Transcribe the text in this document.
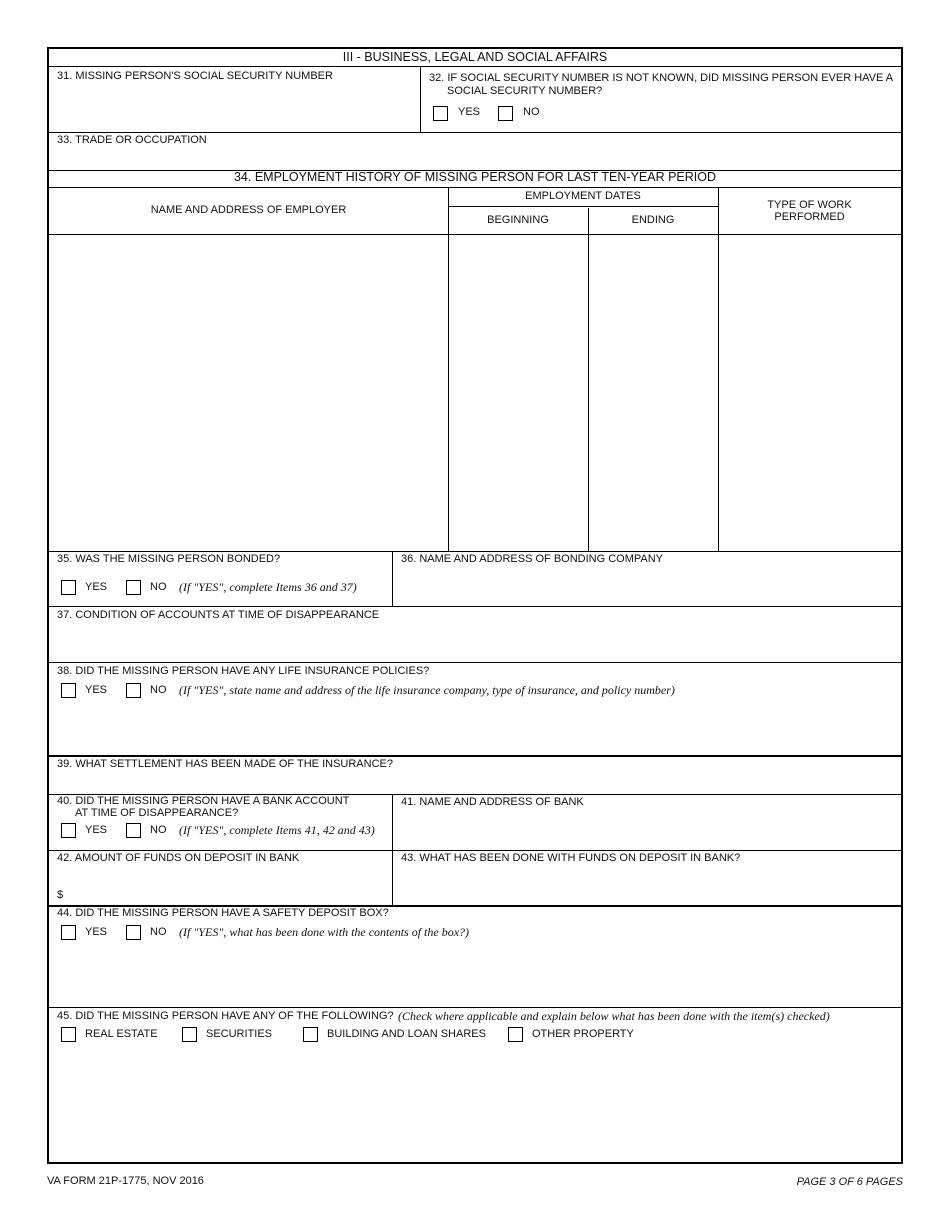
III - BUSINESS, LEGAL AND SOCIAL AFFAIRS
31. MISSING PERSON'S SOCIAL SECURITY NUMBER	32. IF SOCIAL SECURITY NUMBER IS NOT KNOWN, DID MISSING PERSON EVER HAVE A
SOCIAL SECURITY NUMBER?
YES	NO
33. TRADE OR OCCUPATION
34. EMPLOYMENT HISTORY OF MISSING PERSON FOR LAST TEN-YEAR PERIOD
NAME AND ADDRESS OF EMPLOYER
EMPLOYMENT DATES
BEGINNING	ENDING
TYPE OF WORK
PERFORMED
35. WAS THE MISSING PERSON BONDED?
YES	NO (If "YES", complete Items 36 and 37)
36. NAME AND ADDRESS OF BONDING COMPANY
37. CONDITION OF ACCOUNTS AT TIME OF DISAPPEARANCE
38. DID THE MISSING PERSON HAVE ANY LIFE INSURANCE POLICIES?
YES	NO (If "YES", state name and address of the life insurance company, type of insurance, and policy number)
39. WHAT SETTLEMENT HAS BEEN MADE OF THE INSURANCE?
40. DID THE MISSING PERSON HAVE A BANK ACCOUNT
AT TIME OF DISAPPEARANCE?
YES	NO (If "YES", complete Items 41, 42 and 43)
41. NAME AND ADDRESS OF BANK
42. AMOUNT OF FUNDS ON DEPOSIT IN BANK
$
43. WHAT HAS BEEN DONE WITH FUNDS ON DEPOSIT IN BANK?
44. DID THE MISSING PERSON HAVE A SAFETY DEPOSIT BOX?
YES	NO (If "YES", what has been done with the contents of the box?)
45. DID THE MISSING PERSON HAVE ANY OF THE FOLLOWING? (Check where applicable and explain below what has been done with the item(s) checked)
REAL ESTATE	SECURITIES	BUILDING AND LOAN SHARES	OTHER PROPERTY
VA FORM 21P-1775, NOV 2016	PAGE 3 OF 6 PAGES
